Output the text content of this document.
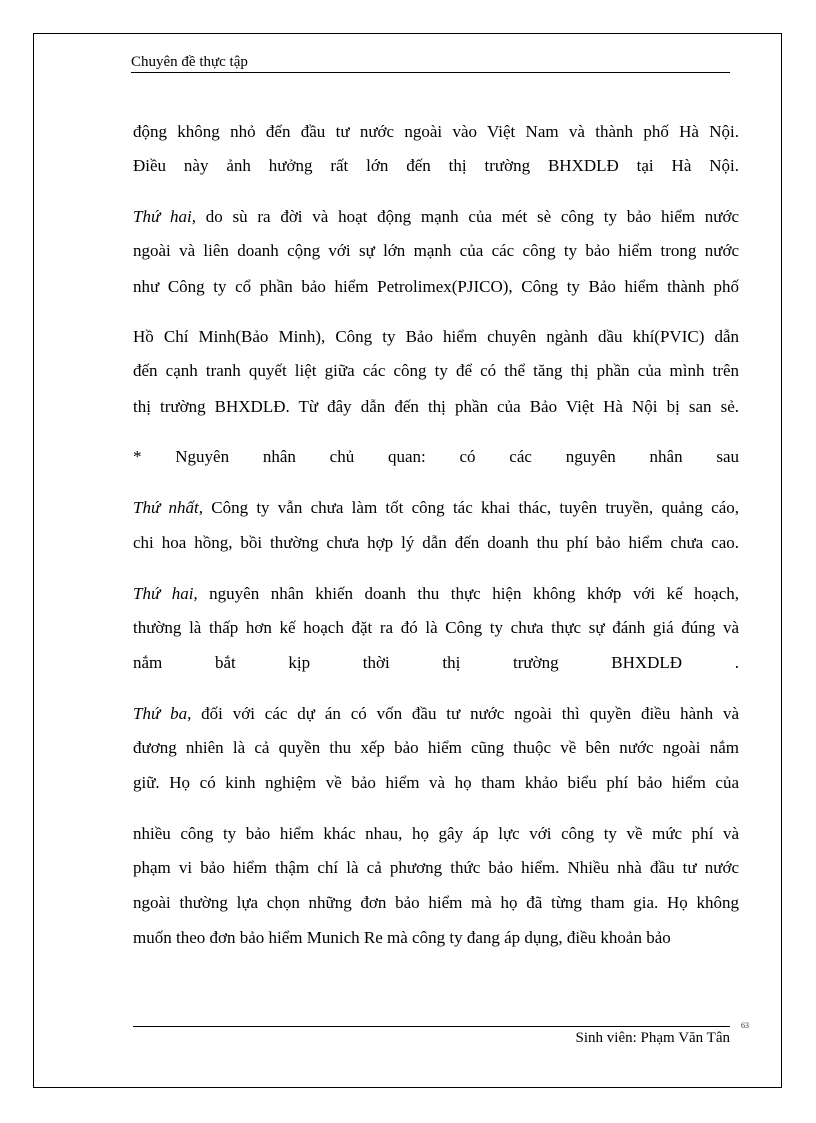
Chuyên đề thực tập
động không nhỏ đến đầu tư nước ngoài vào Việt Nam và thành phố Hà Nội.
Điều này ảnh hưởng rất lớn đến thị trường BHXDLĐ tại Hà Nội.
Thứ hai, do sù ra đời và hoạt động mạnh của mét sè công ty bảo hiểm nước
ngoài và liên doanh cộng với sự lớn mạnh của các công ty bảo hiểm trong nước
như Công ty cổ phần bảo hiểm Petrolimex(PJICO), Công ty Bảo hiểm thành phố
Hồ Chí Minh(Bảo Minh), Công ty Bảo hiểm chuyên ngành dầu khí(PVIC) dẫn
đến cạnh tranh quyết liệt giữa các công ty để có thể tăng thị phần của mình trên
thị trường BHXDLĐ. Từ đây dẫn đến thị phần của Bảo Việt Hà Nội bị san sẻ.
* Nguyên nhân chủ quan: có các nguyên nhân sau
Thứ nhất, Công ty vẫn chưa làm tốt công tác khai thác, tuyên truyền, quảng cáo,
chi hoa hồng, bồi thường chưa hợp lý dẫn đến doanh thu phí bảo hiểm chưa cao.
Thứ hai, nguyên nhân khiến doanh thu thực hiện không khớp với kế hoạch,
thường là thấp hơn kế hoạch đặt ra đó là Công ty chưa thực sự đánh giá đúng và
nắm bắt kịp thời thị trường BHXDLĐ .
Thứ ba, đối với các dự án có vốn đầu tư nước ngoài thì quyền điều hành và
đương nhiên là cả quyền thu xếp bảo hiểm cũng thuộc về bên nước ngoài nắm
giữ. Họ có kinh nghiệm về bảo hiểm và họ tham khảo biểu phí bảo hiểm của
nhiều công ty bảo hiểm khác nhau, họ gây áp lực với công ty về mức phí và
phạm vi bảo hiểm thậm chí là cả phương thức bảo hiểm. Nhiều nhà đầu tư nước
ngoài thường lựa chọn những đơn bảo hiểm mà họ đã từng tham gia. Họ không
muốn theo đơn bảo hiểm Munich Re mà công ty đang áp dụng, điều khoản bảo
Sinh viên: Phạm Văn Tân
63
